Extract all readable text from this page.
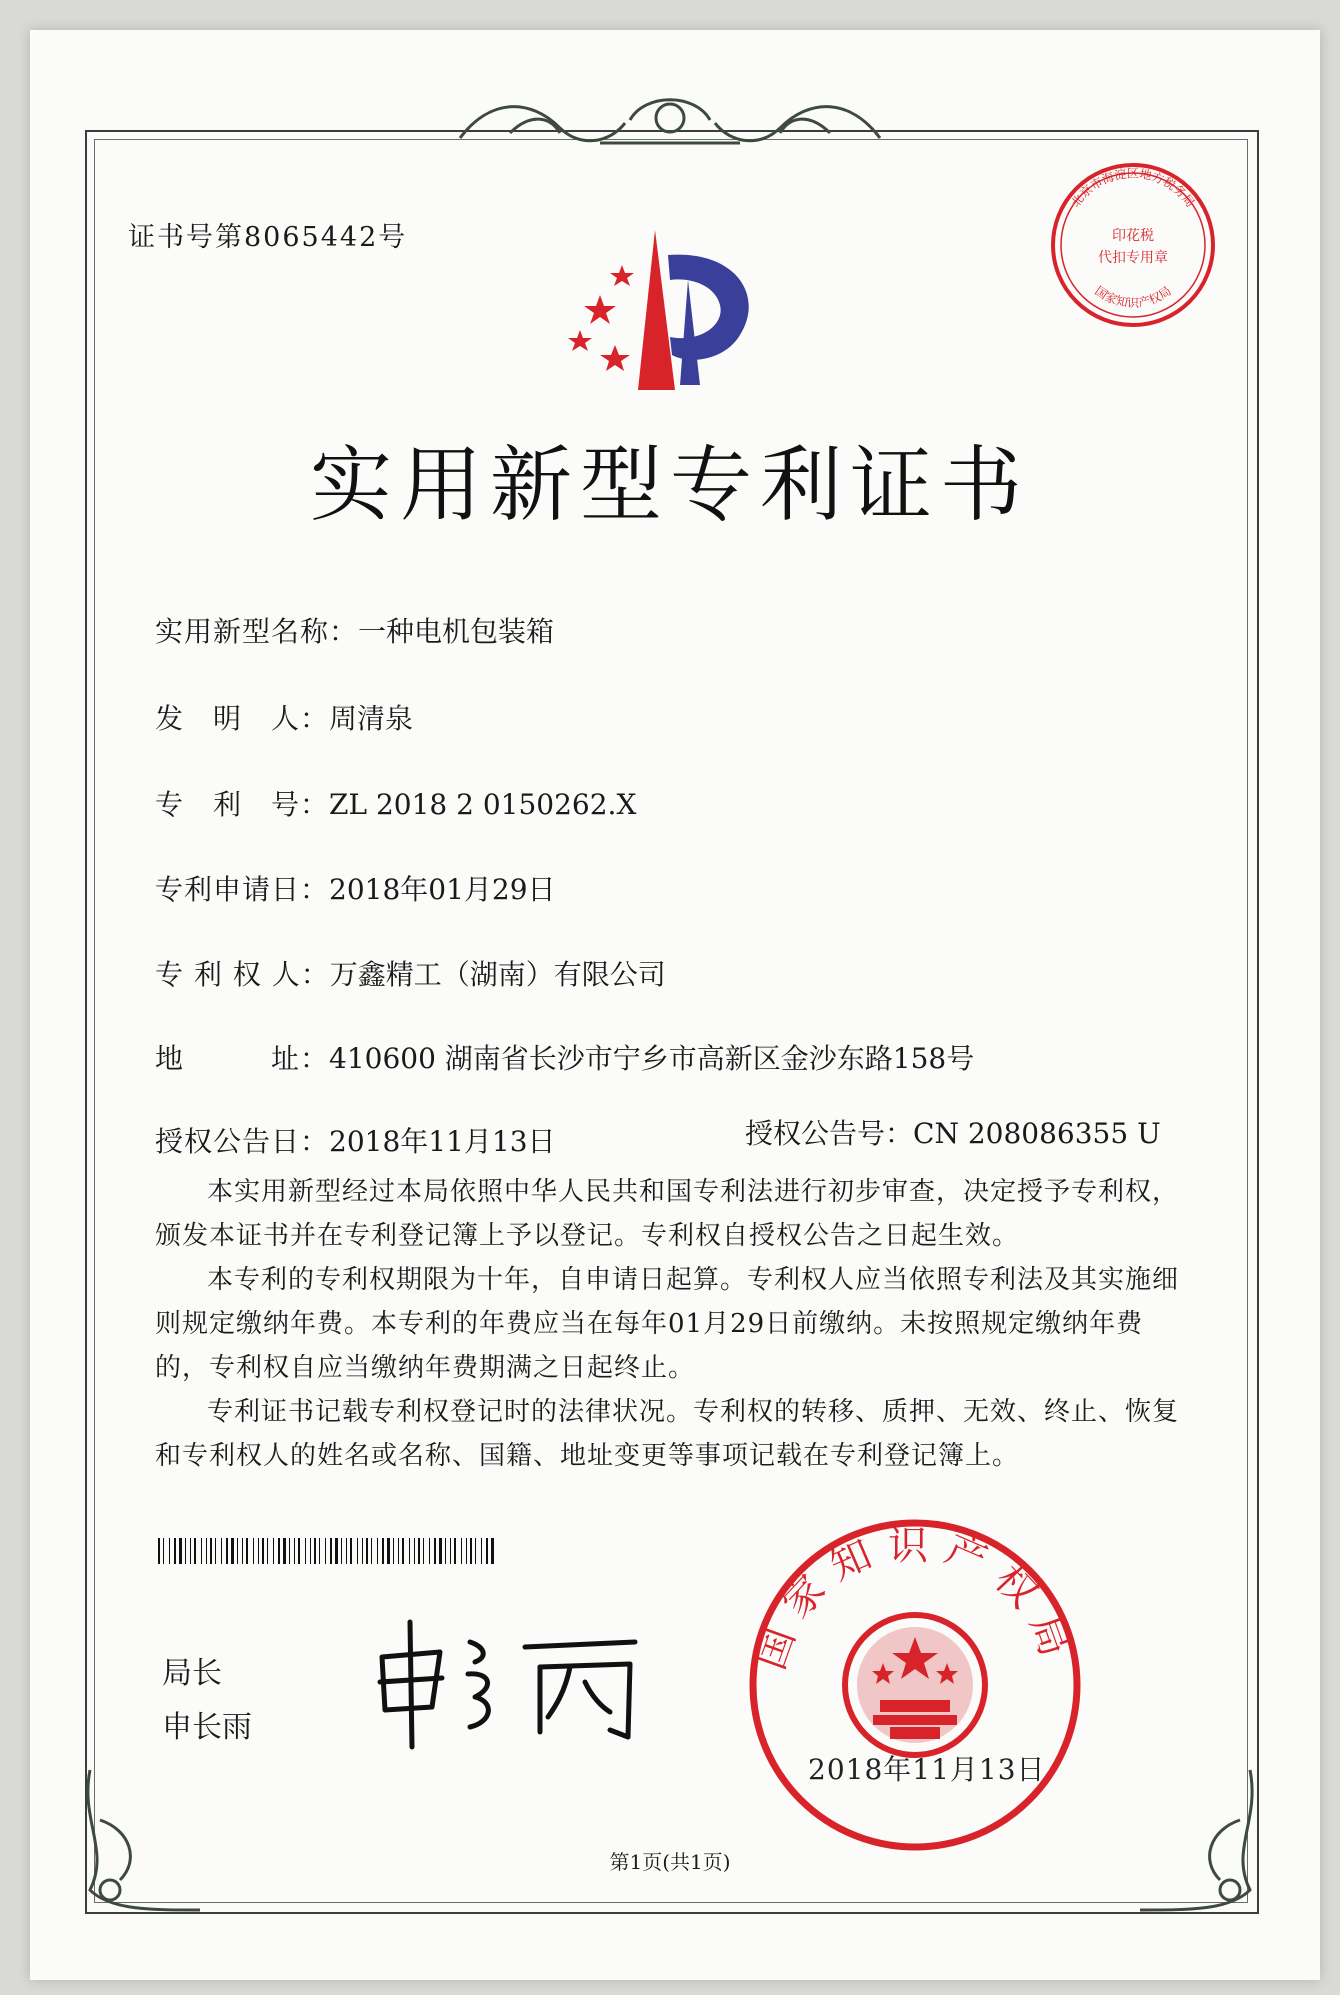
证书号第8065442号
北京市海淀区地方税务局
国家知识产权局
印花税
代扣专用章
实用新型专利证书
实用新型名称：一种电机包装箱
发　明　人：周清泉
专　利　号：ZL 2018 2 0150262.X
专利申请日：2018年01月29日
专 利 权 人：万鑫精工（湖南）有限公司
地　　　址：410600 湖南省长沙市宁乡市高新区金沙东路158号
授权公告日：2018年11月13日	授权公告号：CN 208086355 U

本实用新型经过本局依照中华人民共和国专利法进行初步审查，决定授予专利权，颁发本证书并在专利登记簿上予以登记。专利权自授权公告之日起生效。

本专利的专利权期限为十年，自申请日起算。专利权人应当依照专利法及其实施细则规定缴纳年费。本专利的年费应当在每年01月29日前缴纳。未按照规定缴纳年费的，专利权自应当缴纳年费期满之日起终止。

专利证书记载专利权登记时的法律状况。专利权的转移、质押、无效、终止、恢复和专利权人的姓名或名称、国籍、地址变更等事项记载在专利登记簿上。

局长
申长雨
国家知识产权局
2018年11月13日
第1页(共1页)
